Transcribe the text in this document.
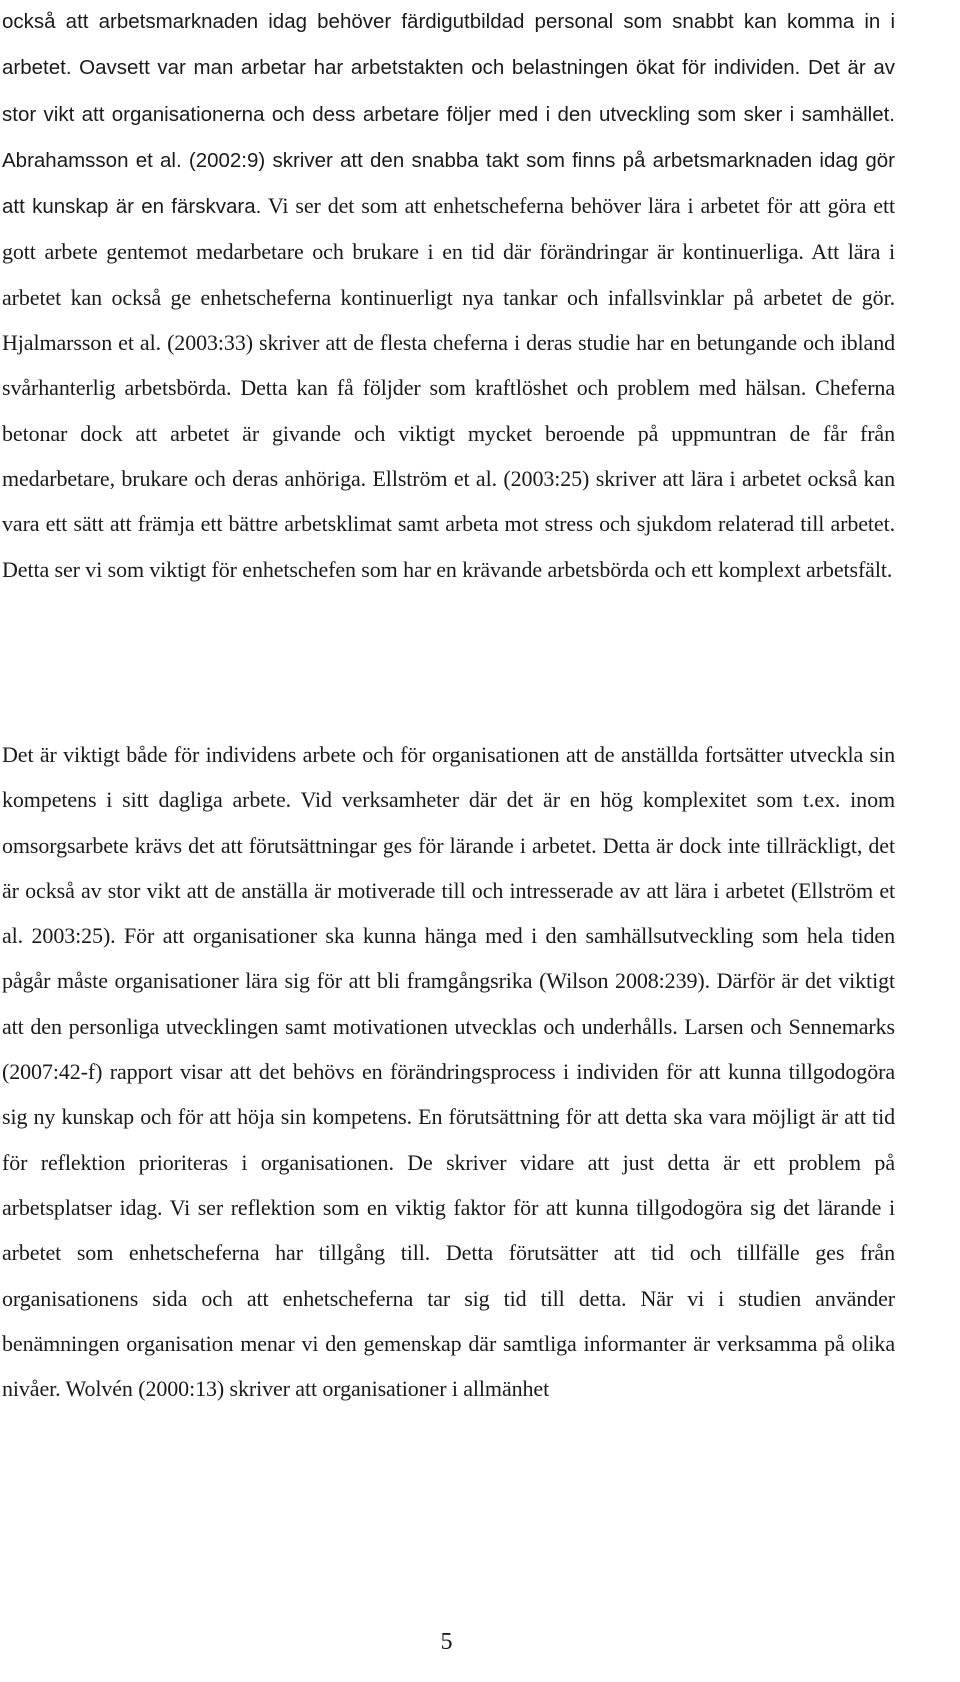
också att arbetsmarknaden idag behöver färdigutbildad personal som snabbt kan komma in i arbetet. Oavsett var man arbetar har arbetstakten och belastningen ökat för individen. Det är av stor vikt att organisationerna och dess arbetare följer med i den utveckling som sker i samhället. Abrahamsson et al. (2002:9) skriver att den snabba takt som finns på arbetsmarknaden idag gör att kunskap är en färskvara. Vi ser det som att enhetscheferna behöver lära i arbetet för att göra ett gott arbete gentemot medarbetare och brukare i en tid där förändringar är kontinuerliga. Att lära i arbetet kan också ge enhetscheferna kontinuerligt nya tankar och infallsvinklar på arbetet de gör. Hjalmarsson et al. (2003:33) skriver att de flesta cheferna i deras studie har en betungande och ibland svårhanterlig arbetsbörda. Detta kan få följder som kraftlöshet och problem med hälsan. Cheferna betonar dock att arbetet är givande och viktigt mycket beroende på uppmuntran de får från medarbetare, brukare och deras anhöriga. Ellström et al. (2003:25) skriver att lära i arbetet också kan vara ett sätt att främja ett bättre arbetsklimat samt arbeta mot stress och sjukdom relaterad till arbetet. Detta ser vi som viktigt för enhetschefen som har en krävande arbetsbörda och ett komplext arbetsfält.

Det är viktigt både för individens arbete och för organisationen att de anställda fortsätter utveckla sin kompetens i sitt dagliga arbete. Vid verksamheter där det är en hög komplexitet som t.ex. inom omsorgsarbete krävs det att förutsättningar ges för lärande i arbetet. Detta är dock inte tillräckligt, det är också av stor vikt att de anställa är motiverade till och intresserade av att lära i arbetet (Ellström et al. 2003:25). För att organisationer ska kunna hänga med i den samhällsutveckling som hela tiden pågår måste organisationer lära sig för att bli framgångsrika (Wilson 2008:239). Därför är det viktigt att den personliga utvecklingen samt motivationen utvecklas och underhålls. Larsen och Sennemarks (2007:42-f) rapport visar att det behövs en förändringsprocess i individen för att kunna tillgodogöra sig ny kunskap och för att höja sin kompetens. En förutsättning för att detta ska vara möjligt är att tid för reflektion prioriteras i organisationen. De skriver vidare att just detta är ett problem på arbetsplatser idag. Vi ser reflektion som en viktig faktor för att kunna tillgodogöra sig det lärande i arbetet som enhetscheferna har tillgång till. Detta förutsätter att tid och tillfälle ges från organisationens sida och att enhetscheferna tar sig tid till detta. När vi i studien använder benämningen organisation menar vi den gemenskap där samtliga informanter är verksamma på olika nivåer. Wolvén (2000:13) skriver att organisationer i allmänhet

5
